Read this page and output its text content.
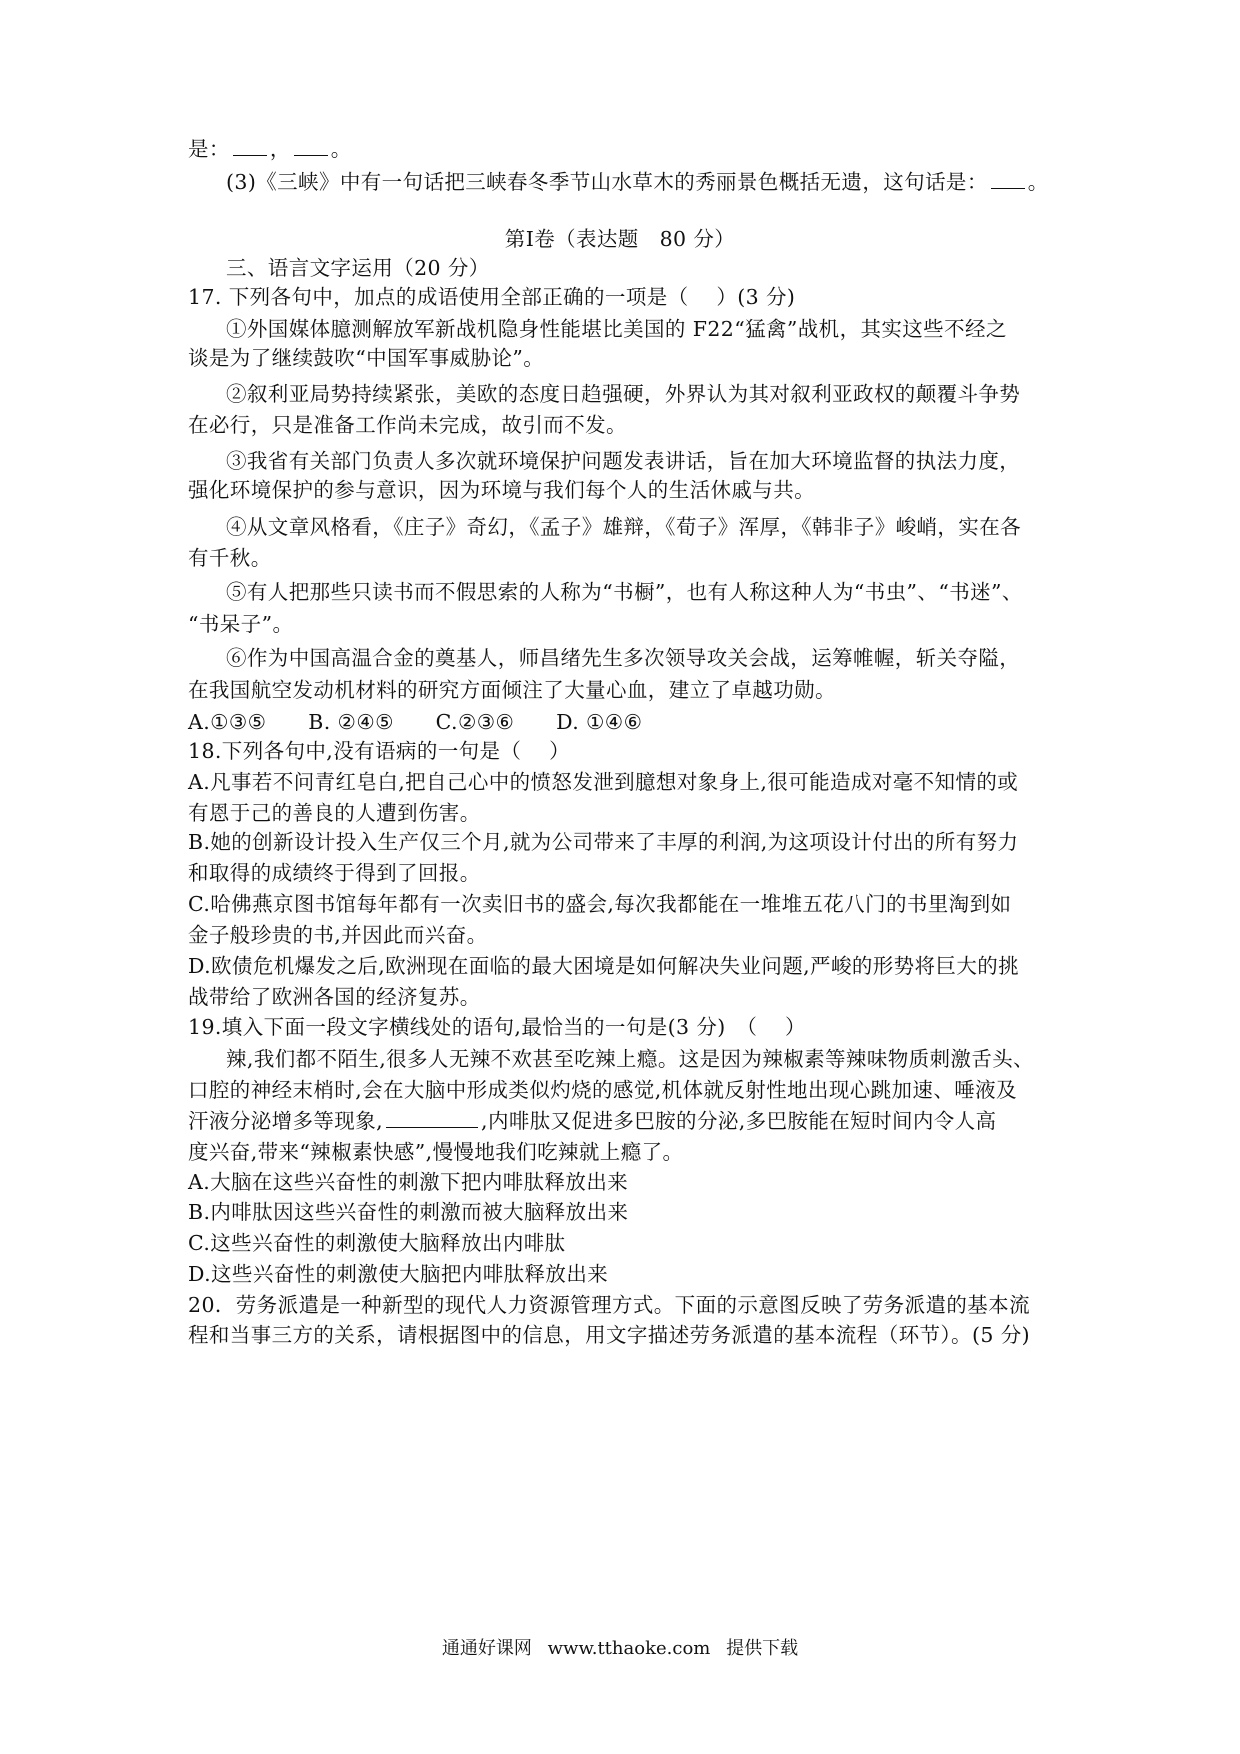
是： ， 。
(3)《三峡》中有一句话把三峡春冬季节山水草木的秀丽景色概括无遗，这句话是： 。
第Ⅰ卷（表达题　80 分）
三、语言文字运用（20 分）
17. 下列各句中，加点的成语使用全部正确的一项是（　 ）(3 分)
①外国媒体臆测解放军新战机隐身性能堪比美国的 F22“猛禽”战机，其实这些不经之
谈是为了继续鼓吹“中国军事威胁论”。
②叙利亚局势持续紧张，美欧的态度日趋强硬，外界认为其对叙利亚政权的颠覆斗争势
在必行，只是准备工作尚未完成，故引而不发。
③我省有关部门负责人多次就环境保护问题发表讲话，旨在加大环境监督的执法力度，
强化环境保护的参与意识，因为环境与我们每个人的生活休戚与共。
④从文章风格看，《庄子》奇幻，《孟子》雄辩，《荀子》浑厚，《韩非子》峻峭，实在各
有千秋。
⑤有人把那些只读书而不假思索的人称为“书橱”，也有人称这种人为“书虫”、“书迷”、
“书呆子”。
⑥作为中国高温合金的奠基人，师昌绪先生多次领导攻关会战，运筹帷幄，斩关夺隘，
在我国航空发动机材料的研究方面倾注了大量心血，建立了卓越功勋。
A.①③⑤　　B. ②④⑤　　C.②③⑥　　D. ①④⑥
18.下列各句中,没有语病的一句是（　 ）
A.凡事若不问青红皂白,把自己心中的愤怒发泄到臆想对象身上,很可能造成对毫不知情的或
有恩于己的善良的人遭到伤害。
B.她的创新设计投入生产仅三个月,就为公司带来了丰厚的利润,为这项设计付出的所有努力
和取得的成绩终于得到了回报。
C.哈佛燕京图书馆每年都有一次卖旧书的盛会,每次我都能在一堆堆五花八门的书里淘到如
金子般珍贵的书,并因此而兴奋。
D.欧债危机爆发之后,欧洲现在面临的最大困境是如何解决失业问题,严峻的形势将巨大的挑
战带给了欧洲各国的经济复苏。
19.填入下面一段文字横线处的语句,最恰当的一句是(3 分)　（　 ）
辣,我们都不陌生,很多人无辣不欢甚至吃辣上瘾。这是因为辣椒素等辣味物质刺激舌头、
口腔的神经末梢时,会在大脑中形成类似灼烧的感觉,机体就反射性地出现心跳加速、唾液及
汗液分泌增多等现象,	,内啡肽又促进多巴胺的分泌,多巴胺能在短时间内令人高
度兴奋,带来“辣椒素快感”,慢慢地我们吃辣就上瘾了。
A.大脑在这些兴奋性的刺激下把内啡肽释放出来
B.内啡肽因这些兴奋性的刺激而被大脑释放出来
C.这些兴奋性的刺激使大脑释放出内啡肽
D.这些兴奋性的刺激使大脑把内啡肽释放出来
20．劳务派遣是一种新型的现代人力资源管理方式。下面的示意图反映了劳务派遣的基本流
程和当事三方的关系，请根据图中的信息，用文字描述劳务派遣的基本流程（环节）。(5 分)
通通好课网 www.tthaoke.com 提供下载
